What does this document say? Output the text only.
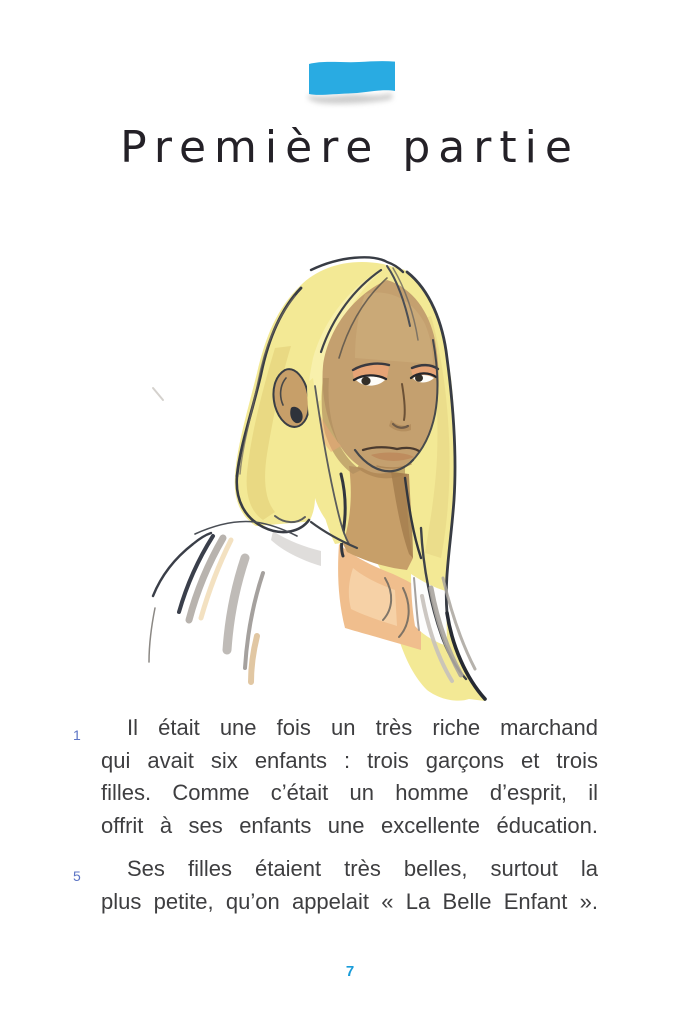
Première partie
1	Il était une fois un très riche marchand
qui avait six enfants : trois garçons et trois
filles. Comme c’était un homme d’esprit, il
offrit à ses enfants une excellente éducation.
5	Ses filles étaient très belles, surtout la
plus petite, qu’on appelait « La Belle Enfant ».
7
